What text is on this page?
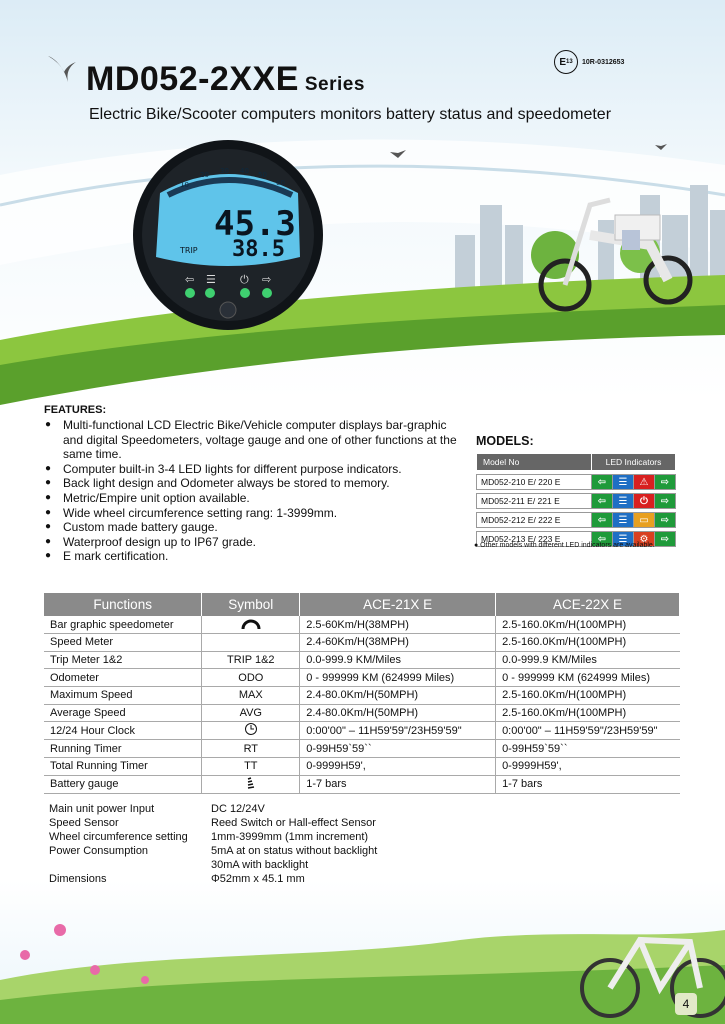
MD052-2XXE Series
Electric Bike/Scooter computers monitors battery status and speedometer
E 13 10R-0312653
10
20 30 40 50
60
45.3
TRIP 38.5
⇦ ☰ ⏻ ⇨
FEATURES:
● Multi-functional LCD Electric Bike/Vehicle computer displays bar-graphic and digital Speedometers, voltage gauge and one of other functions at the same time.
● Computer built-in 3-4 LED lights for different purpose indicators.
● Back light design and Odometer always be stored to memory.
● Metric/Empire unit option available.
● Wide wheel circumference setting rang: 1-3999mm.
● Custom made battery gauge.
● Waterproof design up to IP67 grade.
● E mark certification.
MODELS:
Model No	LED Indicators			

MD052-210 E/ 220 E	⇦	☰	⚠	⇨

MD052-211 E/ 221 E	⇦	☰	⏻	⇨

MD052-212 E/ 222 E	⇦	☰	▭	⇨

MD052-213 E/ 223 E	⇦	☰	⚙	⇨
● Other models with different LED indicators are available.
Functions	Symbol	ACE-21X E	ACE-22X E
Bar graphic speedometer		2.5-60Km/H(38MPH)	2.5-160.0Km/H(100MPH)
Speed Meter		2.4-60Km/H(38MPH)	2.5-160.0Km/H(100MPH)
Trip Meter 1&2	TRIP 1&2	0.0-999.9 KM/Miles	0.0-999.9 KM/Miles
Odometer	ODO	0 - 999999 KM (624999 Miles)	0 - 999999 KM (624999 Miles)
Maximum Speed	MAX	2.4-80.0Km/H(50MPH)	2.5-160.0Km/H(100MPH)
Average Speed	AVG	2.4-80.0Km/H(50MPH)	2.5-160.0Km/H(100MPH)
12/24 Hour Clock		0:00'00" – 11H59'59"/23H59'59"	0:00'00" – 11H59'59"/23H59'59"
Running Timer	RT	0-99H59`59``	0-99H59`59``
Total Running Timer	TT	0-9999H59',	0-9999H59',
Battery gauge		1-7 bars	1-7 bars
Main unit power Input	DC 12/24V
Speed Sensor	Reed Switch or Hall-effect Sensor
Wheel circumference setting	1mm-3999mm (1mm increment)
Power Consumption	5mA at on status without backlight
30mA with backlight
Dimensions	Φ52mm x 45.1 mm
4
